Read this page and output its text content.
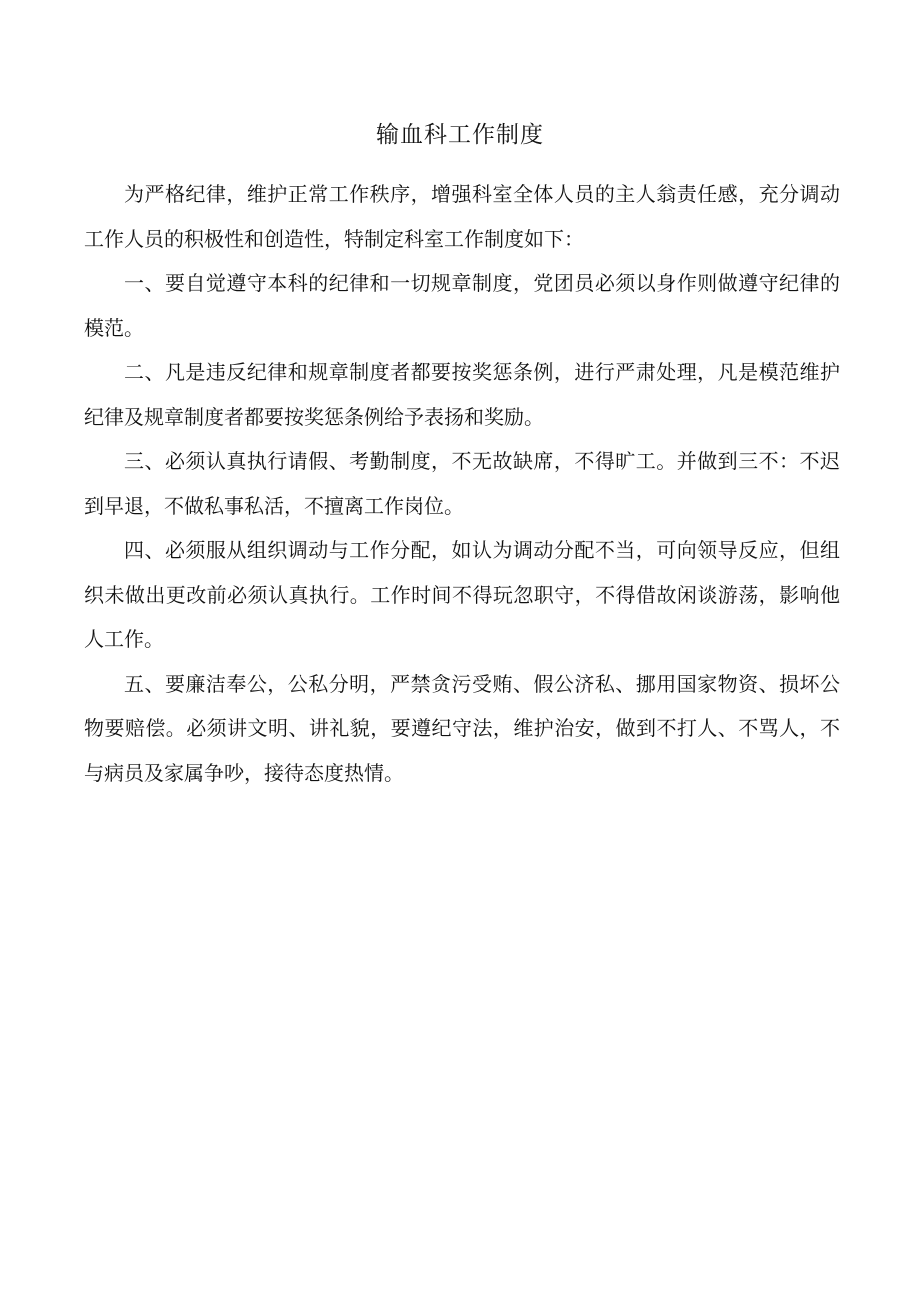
输血科工作制度

为严格纪律，维护正常工作秩序，增强科室全体人员的主人翁责任感，充分调动工作人员的积极性和创造性，特制定科室工作制度如下：

一、要自觉遵守本科的纪律和一切规章制度，党团员必须以身作则做遵守纪律的模范。

二、凡是违反纪律和规章制度者都要按奖惩条例，进行严肃处理，凡是模范维护纪律及规章制度者都要按奖惩条例给予表扬和奖励。

三、必须认真执行请假、考勤制度，不无故缺席，不得旷工。并做到三不：不迟到早退，不做私事私活，不擅离工作岗位。

四、必须服从组织调动与工作分配，如认为调动分配不当，可向领导反应，但组织未做出更改前必须认真执行。工作时间不得玩忽职守，不得借故闲谈游荡，影响他人工作。

五、要廉洁奉公，公私分明，严禁贪污受贿、假公济私、挪用国家物资、损坏公物要赔偿。必须讲文明、讲礼貌，要遵纪守法，维护治安，做到不打人、不骂人，不与病员及家属争吵，接待态度热情。
